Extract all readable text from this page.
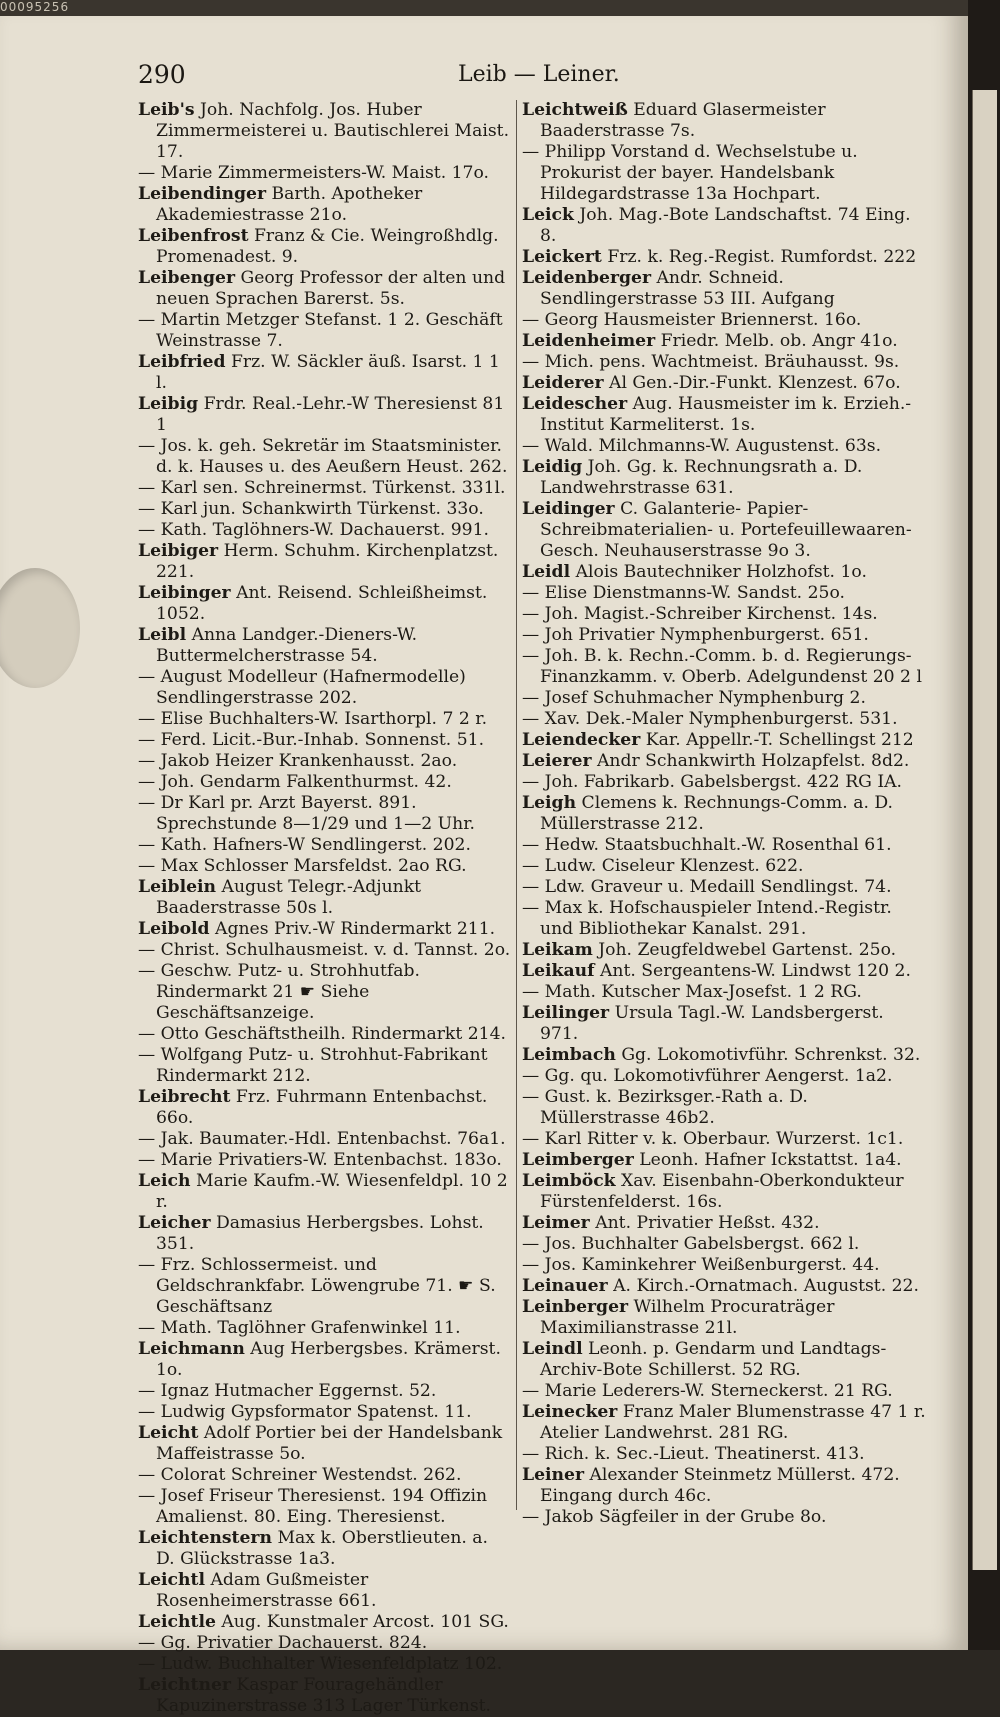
00095256
290	Leib — Leiner.

Leib's Joh. Nachfolg. Jos. Huber Zimmermeisterei u. Bautischlerei Maist. 17.

— Marie Zimmermeisters-W. Maist. 17o.

Leibendinger Barth. Apotheker Akademiestrasse 21o.

Leibenfrost Franz & Cie. Weingroßhdlg. Promenadest. 9.

Leibenger Georg Professor der alten und neuen Sprachen Barerst. 5s.

— Martin Metzger Stefanst. 1 2. Geschäft Weinstrasse 7.

Leibfried Frz. W. Säckler äuß. Isarst. 1 1 l.

Leibig Frdr. Real.-Lehr.-W Theresienst 81 1

— Jos. k. geh. Sekretär im Staatsminister. d. k. Hauses u. des Aeußern Heust. 262.

— Karl sen. Schreinermst. Türkenst. 331l.

— Karl jun. Schankwirth Türkenst. 33o.

— Kath. Taglöhners-W. Dachauerst. 991.

Leibiger Herm. Schuhm. Kirchenplatzst. 221.

Leibinger Ant. Reisend. Schleißheimst. 1052.

Leibl Anna Landger.-Dieners-W. Buttermelcherstrasse 54.

— August Modelleur (Hafnermodelle) Sendlingerstrasse 202.

— Elise Buchhalters-W. Isarthorpl. 7 2 r.

— Ferd. Licit.-Bur.-Inhab. Sonnenst. 51.

— Jakob Heizer Krankenhausst. 2ao.

— Joh. Gendarm Falkenthurmst. 42.

— Dr Karl pr. Arzt Bayerst. 891. Sprechstunde 8—1/29 und 1—2 Uhr.

— Kath. Hafners-W Sendlingerst. 202.

— Max Schlosser Marsfeldst. 2ao RG.

Leiblein August Telegr.-Adjunkt Baaderstrasse 50s l.

Leibold Agnes Priv.-W Rindermarkt 211.

— Christ. Schulhausmeist. v. d. Tannst. 2o.

— Geschw. Putz- u. Strohhutfab. Rindermarkt 21 ☛ Siehe Geschäftsanzeige.

— Otto Geschäftstheilh. Rindermarkt 214.

— Wolfgang Putz- u. Strohhut-Fabrikant Rindermarkt 212.

Leibrecht Frz. Fuhrmann Entenbachst. 66o.

— Jak. Baumater.-Hdl. Entenbachst. 76a1.

— Marie Privatiers-W. Entenbachst. 183o.

Leich Marie Kaufm.-W. Wiesenfeldpl. 10 2 r.

Leicher Damasius Herbergsbes. Lohst. 351.

— Frz. Schlossermeist. und Geldschrankfabr. Löwengrube 71. ☛ S. Geschäftsanz

— Math. Taglöhner Grafenwinkel 11.

Leichmann Aug Herbergsbes. Krämerst. 1o.

— Ignaz Hutmacher Eggernst. 52.

— Ludwig Gypsformator Spatenst. 11.

Leicht Adolf Portier bei der Handelsbank Maffeistrasse 5o.

— Colorat Schreiner Westendst. 262.

— Josef Friseur Theresienst. 194 Offizin Amalienst. 80. Eing. Theresienst.

Leichtenstern Max k. Oberstlieuten. a. D. Glückstrasse 1a3.

Leichtl Adam Gußmeister Rosenheimerstrasse 661.

Leichtle Aug. Kunstmaler Arcost. 101 SG.

— Gg. Privatier Dachauerst. 824.

— Ludw. Buchhalter Wiesenfeldplatz 102.

Leichtner Kaspar Fouragehändler Kapuzinerstrasse 313 Lager Türkenst.

Leichtweiß Eduard Glasermeister Baaderstrasse 7s.

— Philipp Vorstand d. Wechselstube u. Prokurist der bayer. Handelsbank Hildegardstrasse 13a Hochpart.

Leick Joh. Mag.-Bote Landschaftst. 74 Eing. 8.

Leickert Frz. k. Reg.-Regist. Rumfordst. 222

Leidenberger Andr. Schneid. Sendlingerstrasse 53 III. Aufgang

— Georg Hausmeister Briennerst. 16o.

Leidenheimer Friedr. Melb. ob. Angr 41o.

— Mich. pens. Wachtmeist. Bräuhausst. 9s.

Leiderer Al Gen.-Dir.-Funkt. Klenzest. 67o.

Leidescher Aug. Hausmeister im k. Erzieh.-Institut Karmeliterst. 1s.

— Wald. Milchmanns-W. Augustenst. 63s.

Leidig Joh. Gg. k. Rechnungsrath a. D. Landwehrstrasse 631.

Leidinger C. Galanterie- Papier- Schreibmaterialien- u. Portefeuillewaaren-Gesch. Neuhauserstrasse 9o 3.

Leidl Alois Bautechniker Holzhofst. 1o.

— Elise Dienstmanns-W. Sandst. 25o.

— Joh. Magist.-Schreiber Kirchenst. 14s.

— Joh Privatier Nymphenburgerst. 651.

— Joh. B. k. Rechn.-Comm. b. d. Regierungs-Finanzkamm. v. Oberb. Adelgundenst 20 2 l

— Josef Schuhmacher Nymphenburg 2.

— Xav. Dek.-Maler Nymphenburgerst. 531.

Leiendecker Kar. Appellr.-T. Schellingst 212

Leierer Andr Schankwirth Holzapfelst. 8d2.

— Joh. Fabrikarb. Gabelsbergst. 422 RG IA.

Leigh Clemens k. Rechnungs-Comm. a. D. Müllerstrasse 212.

— Hedw. Staatsbuchhalt.-W. Rosenthal 61.

— Ludw. Ciseleur Klenzest. 622.

— Ldw. Graveur u. Medaill Sendlingst. 74.

— Max k. Hofschauspieler Intend.-Registr. und Bibliothekar Kanalst. 291.

Leikam Joh. Zeugfeldwebel Gartenst. 25o.

Leikauf Ant. Sergeantens-W. Lindwst 120 2.

— Math. Kutscher Max-Josefst. 1 2 RG.

Leilinger Ursula Tagl.-W. Landsbergerst. 971.

Leimbach Gg. Lokomotivführ. Schrenkst. 32.

— Gg. qu. Lokomotivführer Aengerst. 1a2.

— Gust. k. Bezirksger.-Rath a. D. Müllerstrasse 46b2.

— Karl Ritter v. k. Oberbaur. Wurzerst. 1c1.

Leimberger Leonh. Hafner Ickstattst. 1a4.

Leimböck Xav. Eisenbahn-Oberkondukteur Fürstenfelderst. 16s.

Leimer Ant. Privatier Heßst. 432.

— Jos. Buchhalter Gabelsbergst. 662 l.

— Jos. Kaminkehrer Weißenburgerst. 44.

Leinauer A. Kirch.-Ornatmach. Augustst. 22.

Leinberger Wilhelm Procuraträger Maximilianstrasse 21l.

Leindl Leonh. p. Gendarm und Landtags-Archiv-Bote Schillerst. 52 RG.

— Marie Lederers-W. Sterneckerst. 21 RG.

Leinecker Franz Maler Blumenstrasse 47 1 r. Atelier Landwehrst. 281 RG.

— Rich. k. Sec.-Lieut. Theatinerst. 413.

Leiner Alexander Steinmetz Müllerst. 472. Eingang durch 46c.

— Jakob Sägfeiler in der Grube 8o.
